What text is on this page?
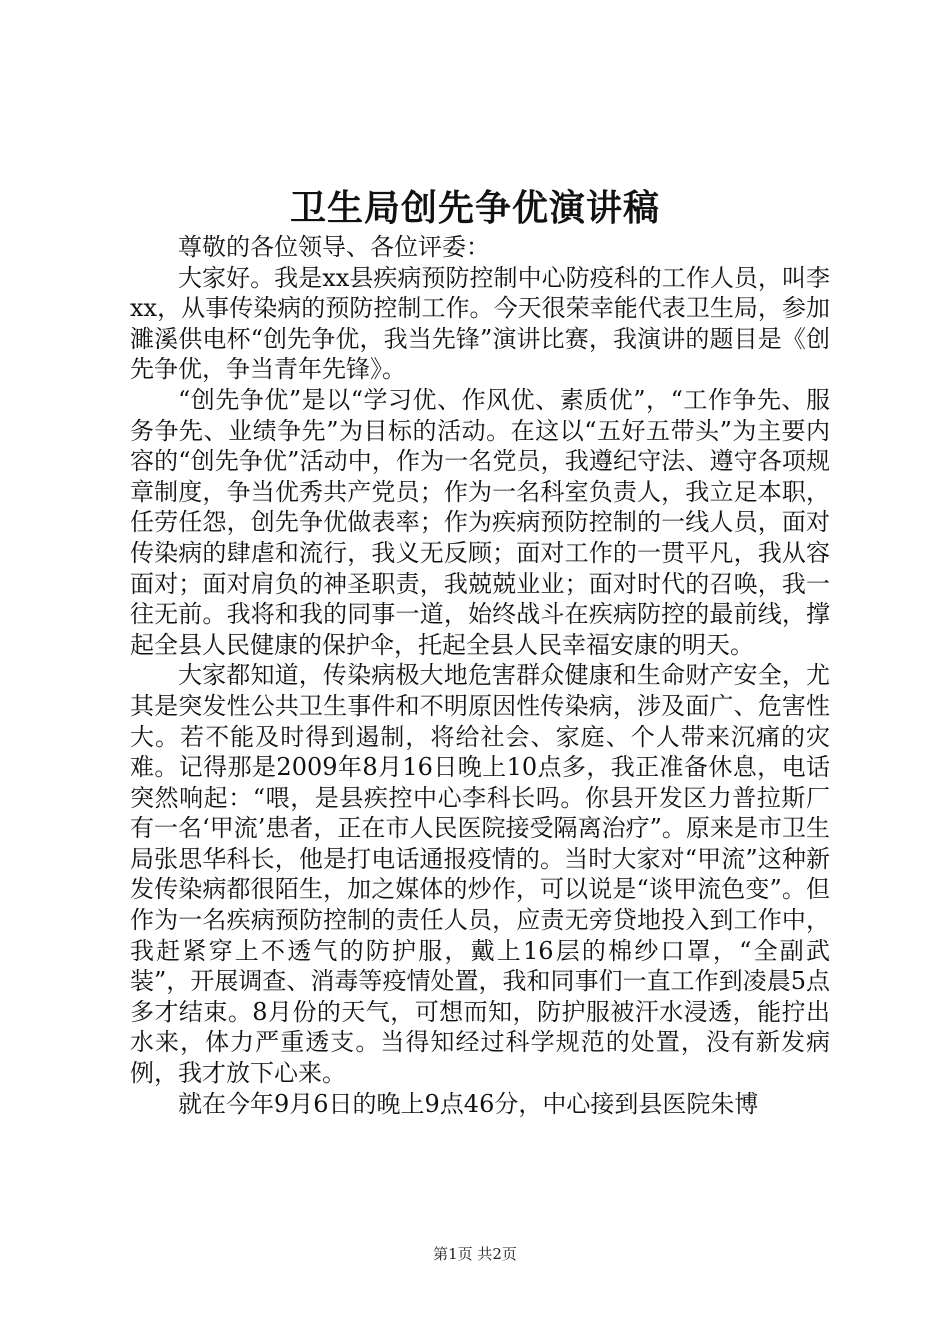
卫生局创先争优演讲稿

尊敬的各位领导、各位评委：

大家好。我是xx县疾病预防控制中心防疫科的工作人员，叫李xx，从事传染病的预防控制工作。今天很荣幸能代表卫生局，参加濉溪供电杯“创先争优，我当先锋”演讲比赛，我演讲的题目是《创先争优，争当青年先锋》。

“创先争优”是以“学习优、作风优、素质优”，“工作争先、服务争先、业绩争先”为目标的活动。在这以“五好五带头”为主要内容的“创先争优”活动中，作为一名党员，我遵纪守法、遵守各项规章制度，争当优秀共产党员；作为一名科室负责人，我立足本职，任劳任怨，创先争优做表率；作为疾病预防控制的一线人员，面对传染病的肆虐和流行，我义无反顾；面对工作的一贯平凡，我从容面对；面对肩负的神圣职责，我兢兢业业；面对时代的召唤，我一往无前。我将和我的同事一道，始终战斗在疾病防控的最前线，撑起全县人民健康的保护伞，托起全县人民幸福安康的明天。

大家都知道，传染病极大地危害群众健康和生命财产安全，尤其是突发性公共卫生事件和不明原因性传染病，涉及面广、危害性大。若不能及时得到遏制，将给社会、家庭、个人带来沉痛的灾难。记得那是2009年8月16日晚上10点多，我正准备休息，电话突然响起：“喂，是县疾控中心李科长吗。你县开发区力普拉斯厂有一名‘甲流’患者，正在市人民医院接受隔离治疗”。原来是市卫生局张思华科长，他是打电话通报疫情的。当时大家对“甲流”这种新发传染病都很陌生，加之媒体的炒作，可以说是“谈甲流色变”。但作为一名疾病预防控制的责任人员，应责无旁贷地投入到工作中，我赶紧穿上不透气的防护服，戴上16层的棉纱口罩，“全副武装”，开展调查、消毒等疫情处置，我和同事们一直工作到凌晨5点多才结束。8月份的天气，可想而知，防护服被汗水浸透，能拧出水来，体力严重透支。当得知经过科学规范的处置，没有新发病例，我才放下心来。

就在今年9月6日的晚上9点46分，中心接到县医院朱博

第1页 共2页
